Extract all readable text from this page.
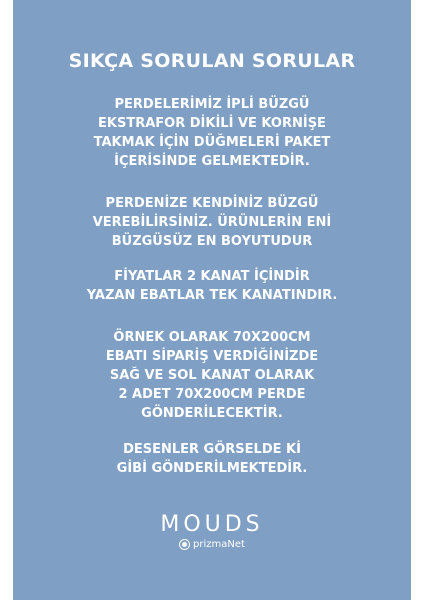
SIKÇA SORULAN SORULAR
PERDELERİMİZ İPLİ BÜZGÜ
EKSTRAFOR DİKİLİ VE KORNİŞE
TAKMAK İÇİN DÜĞMELERİ PAKET
İÇERİSİNDE GELMEKTEDİR.
PERDENİZE KENDİNİZ BÜZGÜ
VEREBİLİRSİNİZ. ÜRÜNLERİN ENİ
BÜZGÜSÜZ EN BOYUTUDUR
FİYATLAR 2 KANAT İÇİNDİR
YAZAN EBATLAR TEK KANATINDIR.
ÖRNEK OLARAK 70X200CM
EBATI SİPARİŞ VERDİĞİNİZDE
SAĞ VE SOL KANAT OLARAK
2 ADET 70X200CM PERDE
GÖNDERİLECEKTİR.
DESENLER GÖRSELDE Kİ
GİBİ GÖNDERİLMEKTEDİR.
MOUDS
prizmaNet
